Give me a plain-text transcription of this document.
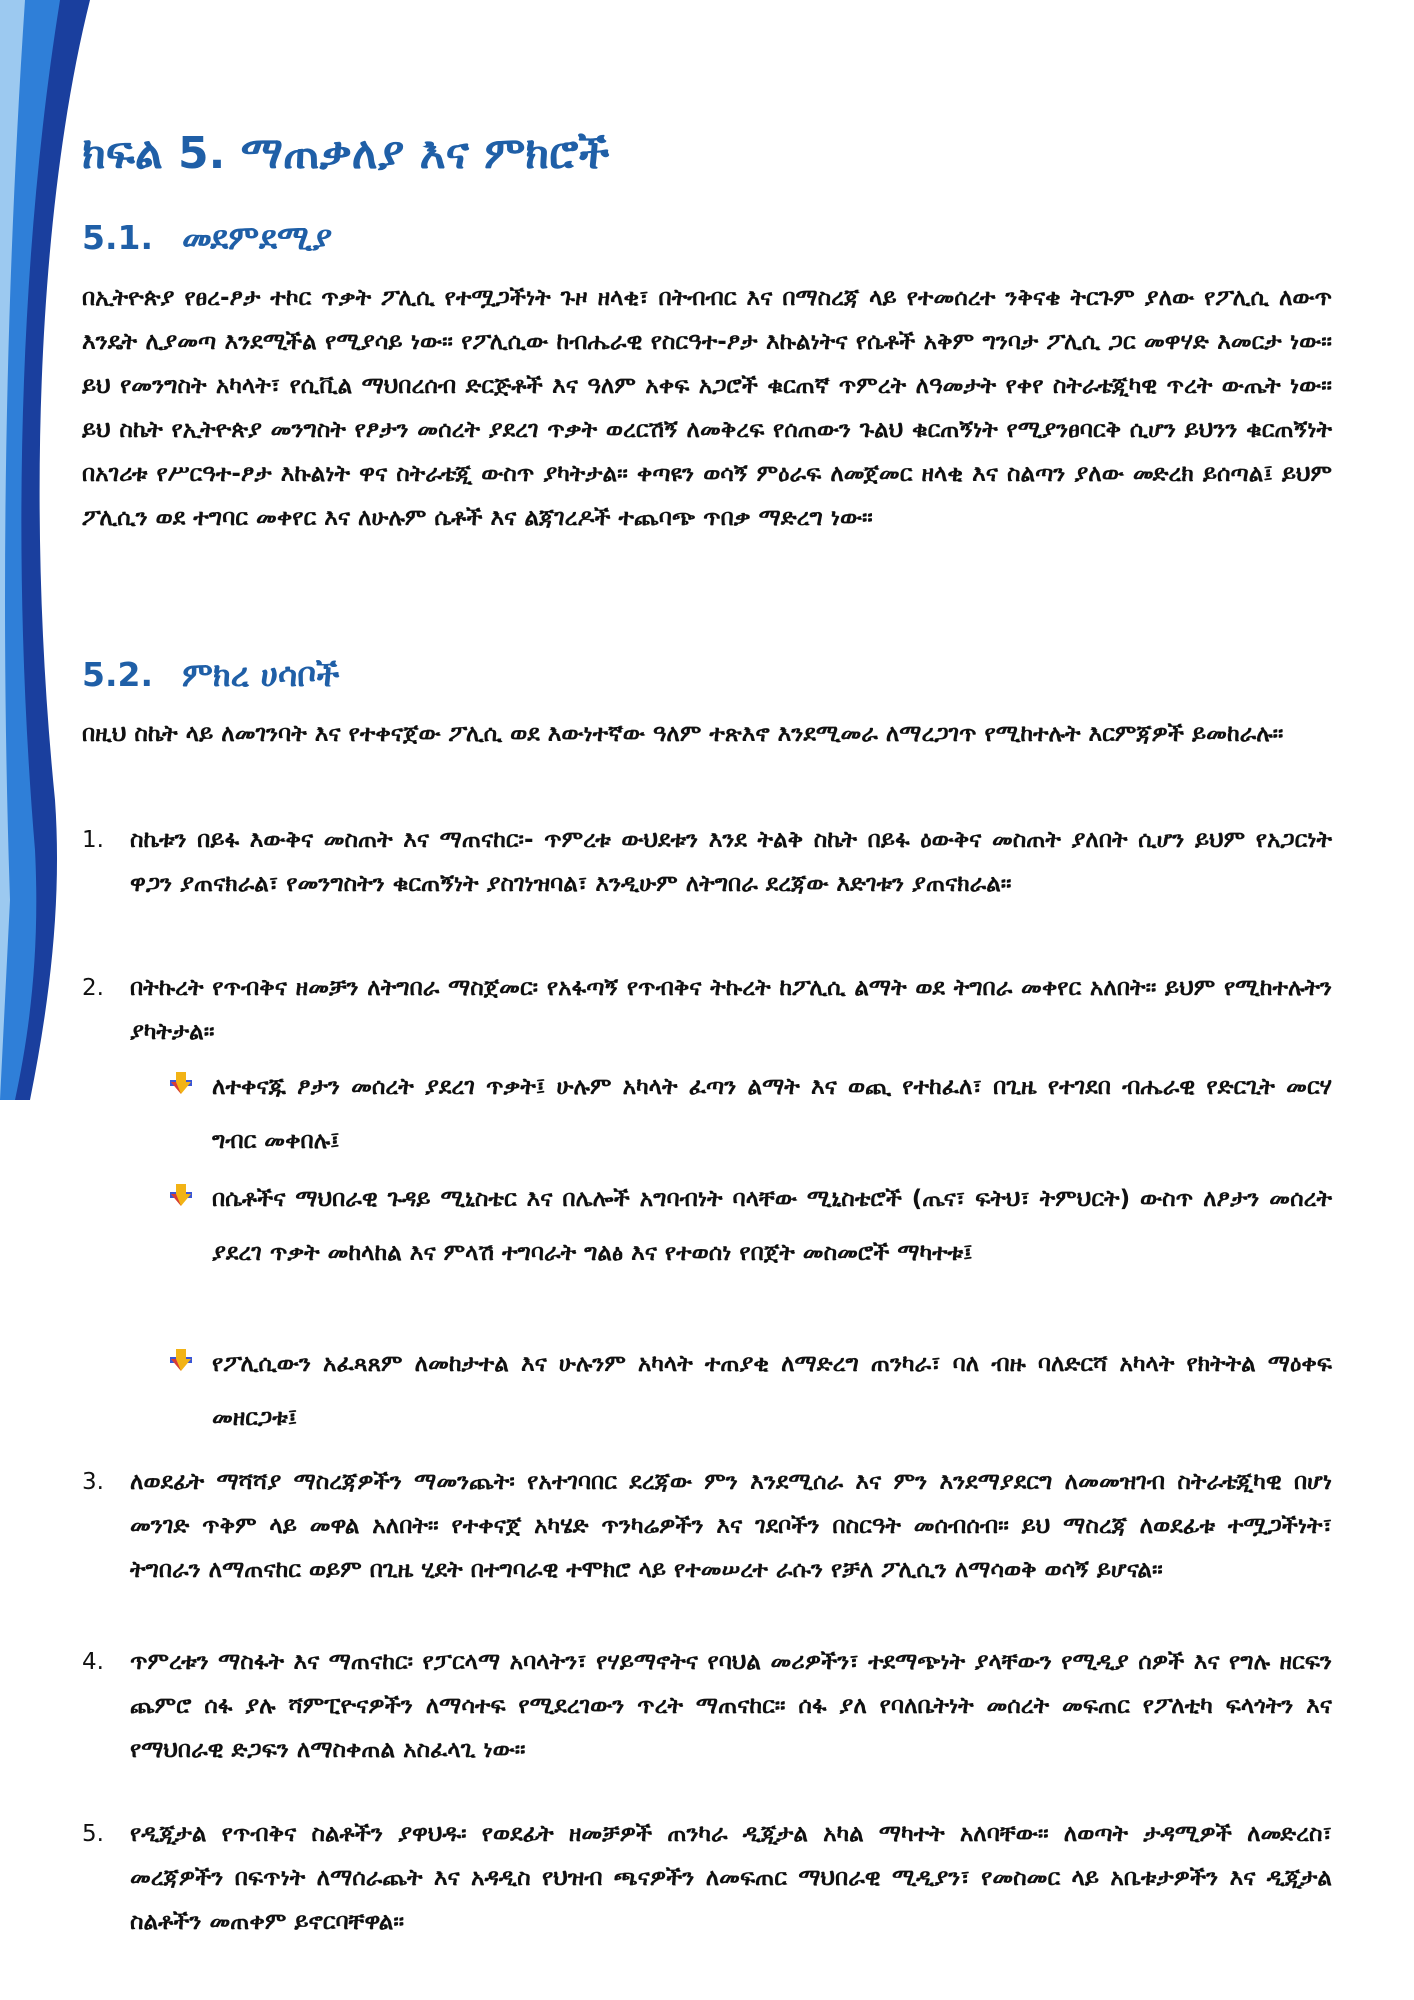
ክፍል 5. ማጠቃለያ እና ምክሮች
5.1. መደምደሚያ

በኢትዮጵያ የፀረ-ፆታ ተኮር ጥቃት ፖሊሲ የተሟጋችነት ጉዞ ዘላቂ፣ በትብብር እና በማስረጃ ላይ የተመሰረተ ንቅናቄ ትርጉም ያለው የፖሊሲ ለውጥ እንዴት ሊያመጣ እንደሚችል የሚያሳይ ነው። የፖሊሲው ከብሔራዊ የስርዓተ-ፆታ እኩልነትና የሴቶች አቅም ግንባታ ፖሊሲ ጋር መዋሃድ እመርታ ነው። ይህ የመንግስት አካላት፣ የሲቪል ማህበረሰብ ድርጅቶች እና ዓለም አቀፍ አጋሮች ቁርጠኛ ጥምረት ለዓመታት የቀየ ስትራቴጂካዊ ጥረት ውጤት ነው። ይህ ስኬት የኢትዮጵያ መንግስት የፆታን መሰረት ያደረገ ጥቃት ወረርሽኝ ለመቅረፍ የሰጠውን ጉልህ ቁርጠኝነት የሚያንፀባርቅ ሲሆን ይህንን ቁርጠኝነት በአገሪቱ የሥርዓተ-ፆታ እኩልነት ዋና ስትራቴጂ ውስጥ ያካትታል። ቀጣዩን ወሳኝ ምዕራፍ ለመጀመር ዘላቂ እና ስልጣን ያለው መድረክ ይሰጣል፤ ይህም ፖሊሲን ወደ ተግባር መቀየር እና ለሁሉም ሴቶች እና ልጃገረዶች ተጨባጭ ጥበቃ ማድረግ ነው።

5.2. ምክረ ሀሳቦች

በዚህ ስኬት ላይ ለመገንባት እና የተቀናጀው ፖሊሲ ወደ እውነተኛው ዓለም ተጽእኖ እንደሚመራ ለማረጋገጥ የሚከተሉት እርምጃዎች ይመከራሉ።

1. ስኬቱን በይፋ እውቅና መስጠት እና ማጠናከር፡- ጥምረቱ ውህደቱን እንደ ትልቅ ስኬት በይፋ ዕውቅና መስጠት ያለበት ሲሆን ይህም የአጋርነት ዋጋን ያጠናክራል፣ የመንግስትን ቁርጠኝነት ያስገነዝባል፣ እንዲሁም ለትግበራ ደረጃው እድገቱን ያጠናክራል።

2. በትኩረት የጥብቅና ዘመቻን ለትግበራ ማስጀመር፡ የአፋጣኝ የጥብቅና ትኩረት ከፖሊሲ ልማት ወደ ትግበራ መቀየር አለበት። ይህም የሚከተሉትን ያካትታል።

ለተቀናጁ ፆታን መሰረት ያደረገ ጥቃት፤ ሁሉም አካላት ፈጣን ልማት እና ወጪ የተከፈለ፣ በጊዜ የተገደበ ብሔራዊ የድርጊት መርሃ ግብር መቀበሉ፤

በሴቶችና ማህበራዊ ጉዳይ ሚኒስቴር እና በሌሎች አግባብነት ባላቸው ሚኒስቴሮች (ጤና፣ ፍትህ፣ ትምህርት) ውስጥ ለፆታን መሰረት ያደረገ ጥቃት መከላከል እና ምላሽ ተግባራት ግልፅ እና የተወሰነ የበጀት መስመሮች ማካተቱ፤

የፖሊሲውን አፈጻጸም ለመከታተል እና ሁሉንም አካላት ተጠያቂ ለማድረግ ጠንካራ፣ ባለ ብዙ ባለድርሻ አካላት የክትትል ማዕቀፍ መዘርጋቱ፤

3. ለወደፊት ማሻሻያ ማስረጃዎችን ማመንጨት፡ የአተገባበር ደረጃው ምን እንደሚሰራ እና ምን እንደማያደርግ ለመመዝገብ ስትራቴጂካዊ በሆነ መንገድ ጥቅም ላይ መዋል አለበት። የተቀናጀ አካሄድ ጥንካሬዎችን እና ገደቦችን በስርዓት መሰብሰብ። ይህ ማስረጃ ለወደፊቱ ተሟጋችነት፣ ትግበራን ለማጠናከር ወይም በጊዜ ሂደት በተግባራዊ ተሞክሮ ላይ የተመሠረተ ራሱን የቻለ ፖሊሲን ለማሳወቅ ወሳኝ ይሆናል።

4. ጥምረቱን ማስፋት እና ማጠናከር፡ የፓርላማ አባላትን፣ የሃይማኖትና የባህል መሪዎችን፣ ተደማጭነት ያላቸውን የሚዲያ ሰዎች እና የግሉ ዘርፍን ጨምሮ ሰፋ ያሉ ሻምፒዮናዎችን ለማሳተፍ የሚደረገውን ጥረት ማጠናከር። ሰፋ ያለ የባለቤትነት መሰረት መፍጠር የፖለቲካ ፍላጎትን እና የማህበራዊ ድጋፍን ለማስቀጠል አስፈላጊ ነው።

5. የዲጂታል የጥብቅና ስልቶችን ያዋህዱ፡ የወደፊት ዘመቻዎች ጠንካራ ዲጂታል አካል ማካተት አለባቸው። ለወጣት ታዳሚዎች ለመድረስ፣ መረጃዎችን በፍጥነት ለማሰራጨት እና አዳዲስ የህዝብ ጫናዎችን ለመፍጠር ማህበራዊ ሚዲያን፣ የመስመር ላይ አቤቱታዎችን እና ዲጂታል ስልቶችን መጠቀም ይኖርባቸዋል።
